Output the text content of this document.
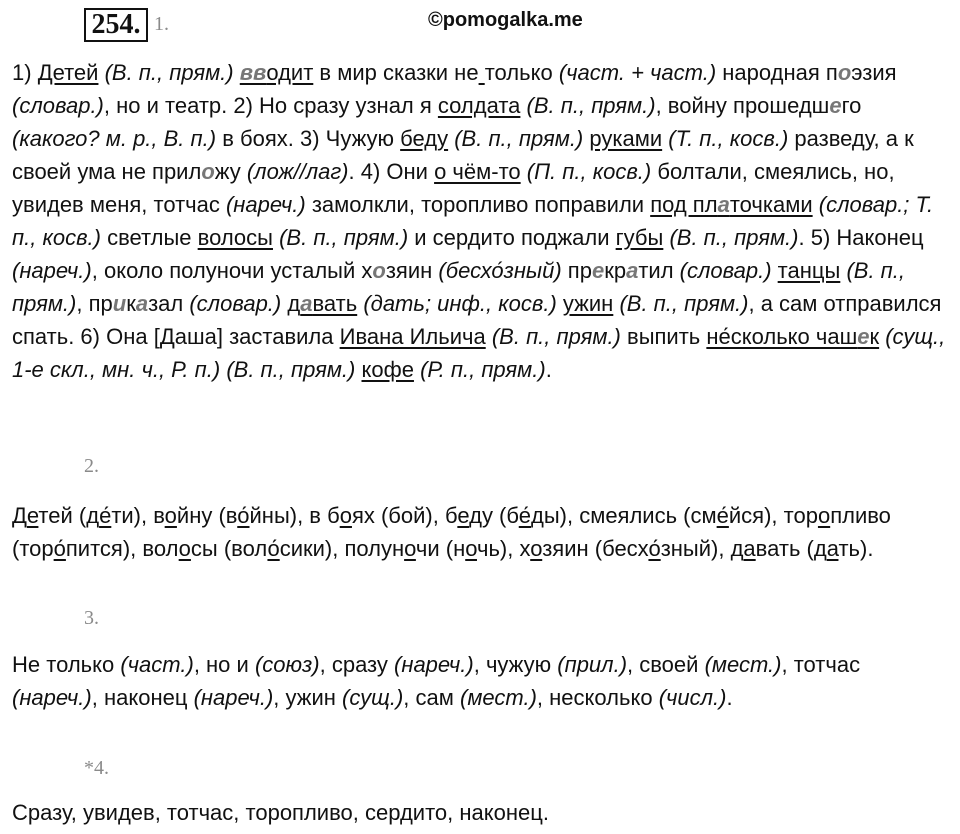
254. 1.	©pomogalka.me
1) Детей (В. п., прям.) вводит в мир сказки не только (част. + част.) народная поэзия (словар.), но и театр. 2) Но сразу узнал я солдата (В. п., прям.), войну прошедшего (какого? м. р., В. п.) в боях. 3) Чужую беду (В. п., прям.) руками (Т. п., косв.) разведу, а к своей ума не приложу (лож//лаг). 4) Они о чём-то (П. п., косв.) болтали, смеялись, но, увидев меня, тотчас (нареч.) замолкли, торопливо поправили под платочками (словар.; Т. п., косв.) светлые волосы (В. п., прям.) и сердито поджали губы (В. п., прям.). 5) Наконец (нареч.), около полуночи усталый хозяин (бесхо́зный) прекратил (словар.) танцы (В. п., прям.), приказал (словар.) давать (дать; инф., косв.) ужин (В. п., прям.), а сам отправился спать. 6) Она [Даша] заставила Ивана Ильича (В. п., прям.) выпить не́сколько чашек (сущ., 1-е скл., мн. ч., Р. п.) (В. п., прям.) кофе (Р. п., прям.).
2.
Детей (де́ти), войну (во́йны), в боях (бой), беду (бе́ды), смеялись (сме́йся), торопливо (торо́пится), волосы (воло́сики), полуночи (ночь), хозяин (бесхо́зный), давать (дать).
3.
Не только (част.), но и (союз), сразу (нареч.), чужую (прил.), своей (мест.), тотчас (нареч.), наконец (нареч.), ужин (сущ.), сам (мест.), несколько (числ.).
*4.
Сразу, увидев, тотчас, торопливо, сердито, наконец.
